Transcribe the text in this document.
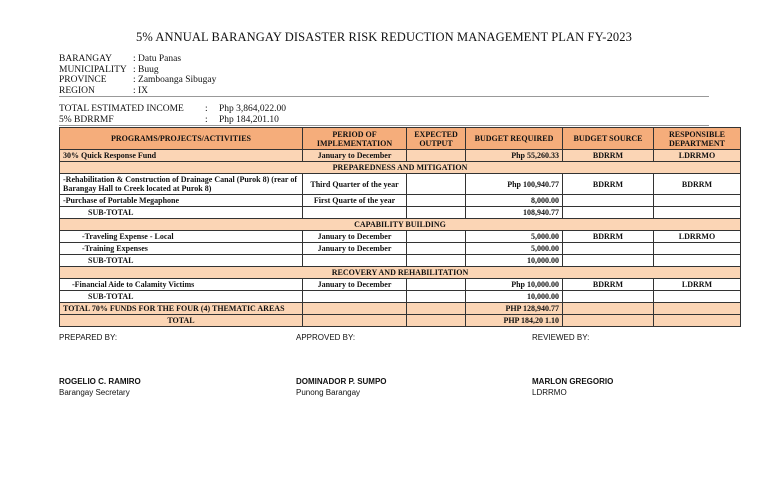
5% ANNUAL BARANGAY DISASTER RISK REDUCTION MANAGEMENT PLAN FY-2023
BARANGAY : Datu Panas
MUNICIPALITY : Buug
PROVINCE	: Zamboanga Sibugay
REGION	: IX
TOTAL ESTIMATED INCOME : Php 3,864,022.00
5% BDRRMF	: Php 184,201.10
PROGRAMS/PROJECTS/ACTIVITIES	PERIOD OF IMPLEMENTATION	EXPECTED OUTPUT	BUDGET REQUIRED	BUDGET SOURCE	RESPONSIBLE DEPARTMENT
30% Quick Response Fund	January to December		Php 55,260.33	BDRRM	LDRRMO
PREPAREDNESS AND MITIGATION					
-Rehabilitation & Construction of Drainage Canal (Purok 8) (rear of Barangay Hall to Creek located at Purok 8)	Third Quarter of the year		Php 100,940.77	BDRRM	BDRRM
-Purchase of Portable Megaphone	First Quarte of the year		8,000.00		
SUB-TOTAL			108,940.77		
CAPABILITY BUILDING					
-Traveling Expense - Local	January to December		5,000.00	BDRRM	LDRRMO
-Training Expenses	January to December		5,000.00		
SUB-TOTAL			10,000.00		
RECOVERY AND REHABILITATION					
-Financial Aide to Calamity Victims	January to December		Php 10,000.00	BDRRM	LDRRM
SUB-TOTAL			10,000.00		
TOTAL 70% FUNDS FOR THE FOUR (4) THEMATIC AREAS			PHP 128,940.77		
TOTAL			PHP 184,20 1.10		
PREPARED BY:	APPROVED BY:	REVIEWED BY:
ROGELIO C. RAMIRO	DOMINADOR P. SUMPO	MARLON GREGORIO
Barangay Secretary	Punong Barangay	LDRRMO
